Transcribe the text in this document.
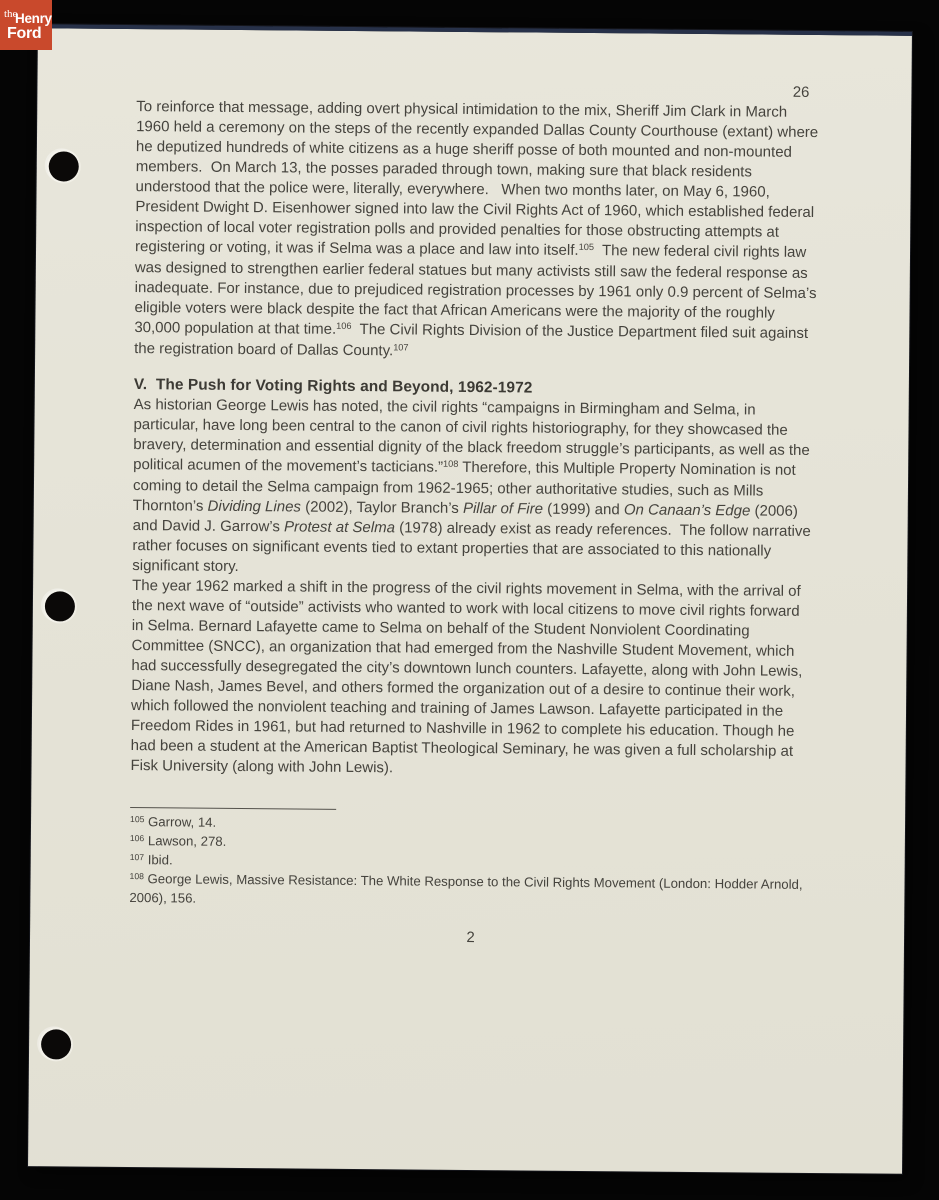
26

To reinforce that message, adding overt physical intimidation to the mix, Sheriff Jim Clark in March 1960 held a ceremony on the steps of the recently expanded Dallas County Courthouse (extant) where he deputized hundreds of white citizens as a huge sheriff posse of both mounted and non-mounted members.  On March 13, the posses paraded through town, making sure that black residents understood that the police were, literally, everywhere.   When two months later, on May 6, 1960, President Dwight D. Eisenhower signed into law the Civil Rights Act of 1960, which established federal inspection of local voter registration polls and provided penalties for those obstructing attempts at registering or voting, it was if Selma was a place and law into itself.$^{105}$  The new federal civil rights law was designed to strengthen earlier federal statues but many activists still saw the federal response as inadequate. For instance, due to prejudiced registration processes by 1961 only 0.9 percent of Selma’s eligible voters were black despite the fact that African Americans were the majority of the roughly 30,000 population at that time.$^{106}$  The Civil Rights Division of the Justice Department filed suit against the registration board of Dallas County.$^{107}$

V.  The Push for Voting Rights and Beyond, 1962-1972

As historian George Lewis has noted, the civil rights “campaigns in Birmingham and Selma, in particular, have long been central to the canon of civil rights historiography, for they showcased the bravery, determination and essential dignity of the black freedom struggle’s participants, as well as the political acumen of the movement’s tacticians.”$^{108}$ Therefore, this Multiple Property Nomination is not coming to detail the Selma campaign from 1962-1965; other authoritative studies, such as Mills Thornton’s Dividing Lines (2002), Taylor Branch’s Pillar of Fire (1999) and On Canaan’s Edge (2006)  and David J. Garrow’s Protest at Selma (1978) already exist as ready references.  The follow narrative rather focuses on significant events tied to extant properties that are associated to this nationally significant story.

The year 1962 marked a shift in the progress of the civil rights movement in Selma, with the arrival of the next wave of “outside” activists who wanted to work with local citizens to move civil rights forward in Selma. Bernard Lafayette came to Selma on behalf of the Student Nonviolent Coordinating Committee (SNCC), an organization that had emerged from the Nashville Student Movement, which had successfully desegregated the city’s downtown lunch counters. Lafayette, along with John Lewis, Diane Nash, James Bevel, and others formed the organization out of a desire to continue their work, which followed the nonviolent teaching and training of James Lawson. Lafayette participated in the Freedom Rides in 1961, but had returned to Nashville in 1962 to complete his education. Though he had been a student at the American Baptist Theological Seminary, he was given a full scholarship at Fisk University (along with John Lewis).

$^{105}$ Garrow, 14.
$^{106}$ Lawson, 278.
$^{107}$ Ibid.
$^{108}$ George Lewis, Massive Resistance: The White Response to the Civil Rights Movement (London: Hodder Arnold, 2006), 156.
2
the
Henry
Ford
